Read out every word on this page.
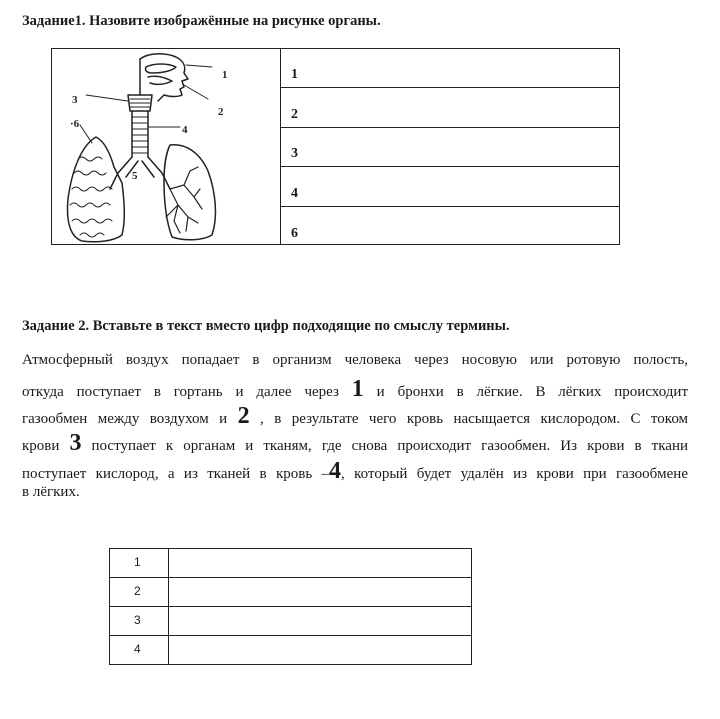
Задание1. Назовите изображённые на рисунке органы.
1
2
3
4
·6
5
1
2
3
4
6
Задание 2. Вставьте в текст вместо цифр подходящие по смыслу термины.
Атмосферный воздух попадает в организм человека через носовую или ротовую полость,
откуда поступает в гортань и далее через 1 и бронхи в лёгкие. В лёгких происходит
газообмен между воздухом и 2 , в результате чего кровь насыщается кислородом. С током
крови 3 поступает к органам и тканям, где снова происходит газообмен. Из крови в ткани
поступает кислород, а из тканей в кровь –4, который будет удалён из крови при газообмене
в лёгких.
1
2
3
4
